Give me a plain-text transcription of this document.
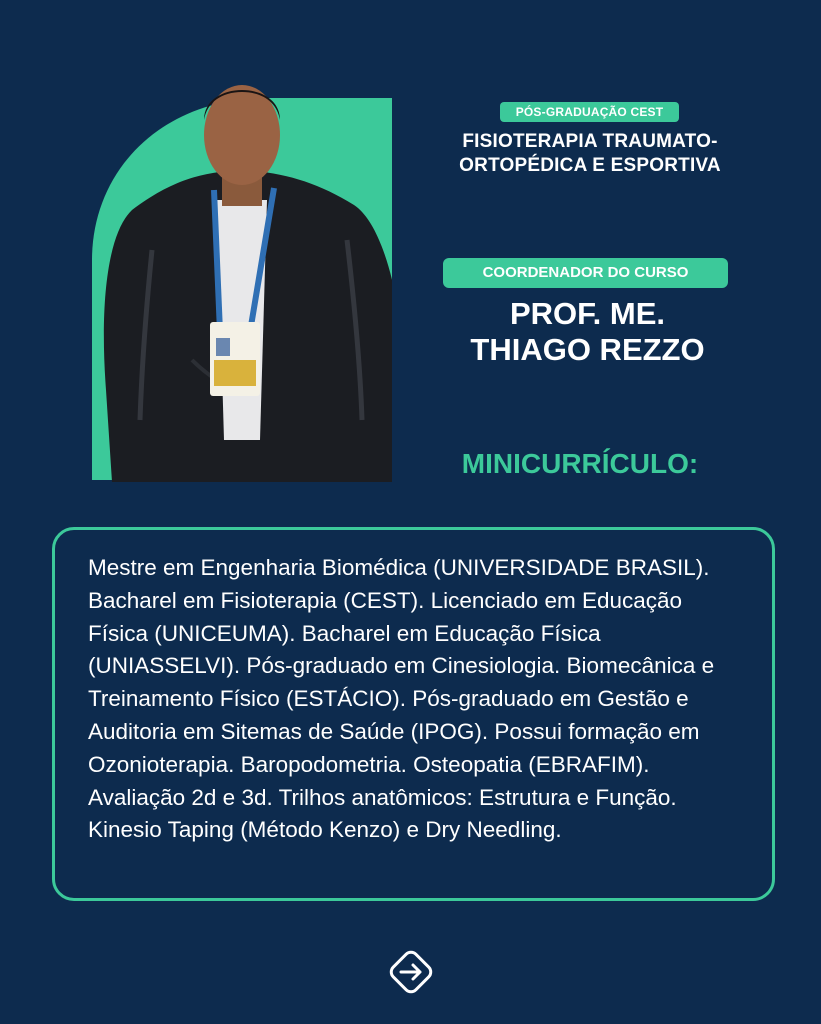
PÓS-GRADUAÇÃO CEST
FISIOTERAPIA TRAUMATO-
ORTOPÉDICA E ESPORTIVA
COORDENADOR DO CURSO
PROF. ME.
THIAGO REZZO
MINICURRÍCULO:

Mestre em Engenharia Biomédica (UNIVERSIDADE BRASIL). Bacharel em Fisioterapia (CEST). Licenciado em Educação Física (UNICEUMA). Bacharel em Educação Física (UNIASSELVI). Pós-graduado em Cinesiologia. Biomecânica e Treinamento Físico (ESTÁCIO). Pós-graduado em Gestão e Auditoria em Sitemas de Saúde (IPOG). Possui formação em Ozonioterapia. Baropodometria. Osteopatia (EBRAFIM). Avaliação 2d e 3d. Trilhos anatômicos: Estrutura e Função. Kinesio Taping (Método Kenzo) e Dry Needling.
